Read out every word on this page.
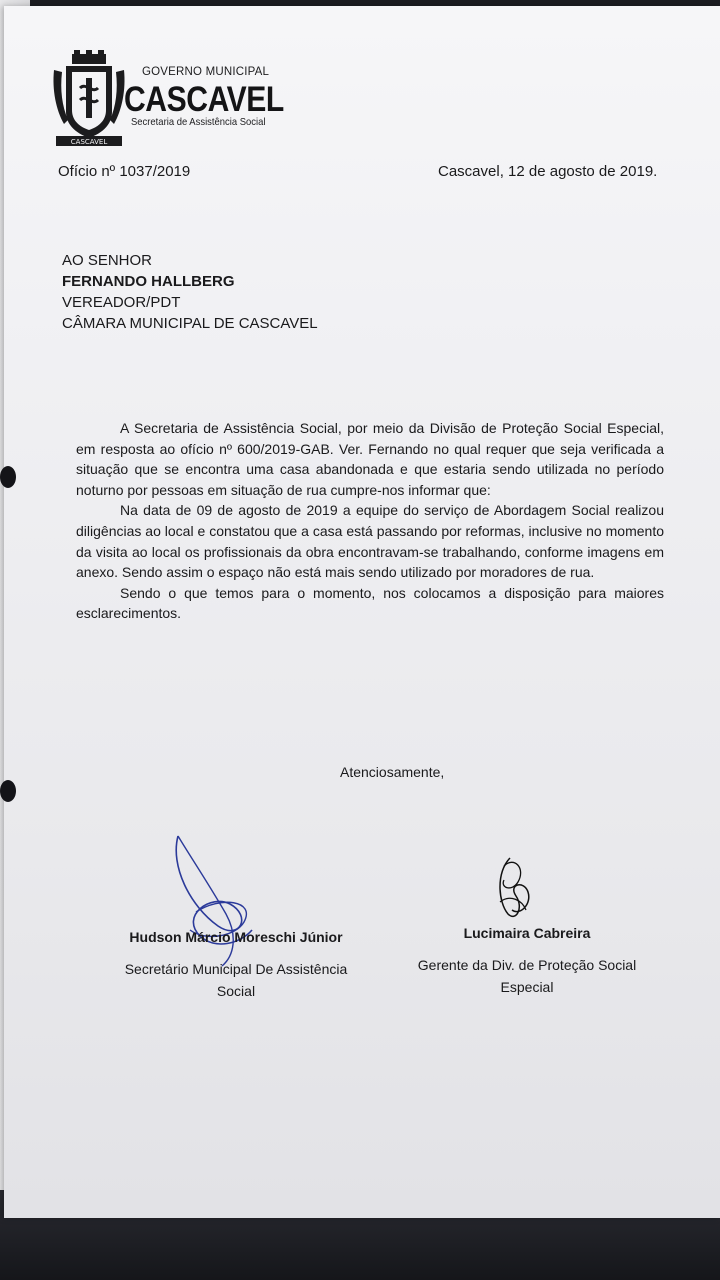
CASCAVEL
GOVERNO MUNICIPAL
CASCAVEL
Secretaria de Assistência Social
Ofício nº 1037/2019	Cascavel, 12 de agosto de 2019.
AO SENHOR
FERNANDO HALLBERG
VEREADOR/PDT
CÂMARA MUNICIPAL DE CASCAVEL

A Secretaria de Assistência Social, por meio da Divisão de Proteção Social Especial, em resposta ao ofício nº 600/2019-GAB. Ver. Fernando no qual requer que seja verificada a situação que se encontra uma casa abandonada e que estaria sendo utilizada no período noturno por pessoas em situação de rua cumpre-nos informar que:

Na data de 09 de agosto de 2019 a equipe do serviço de Abordagem Social realizou diligências ao local e constatou que a casa está passando por reformas, inclusive no momento da visita ao local os profissionais da obra encontravam-se trabalhando, conforme imagens em anexo. Sendo assim o espaço não está mais sendo utilizado por moradores de rua.

Sendo o que temos para o momento, nos colocamos a disposição para maiores esclarecimentos.

Atenciosamente,
Hudson Márcio Moreschi Júnior
Secretário Municipal De Assistência
Social
Lucimaira Cabreira
Gerente da Div. de Proteção Social
Especial
